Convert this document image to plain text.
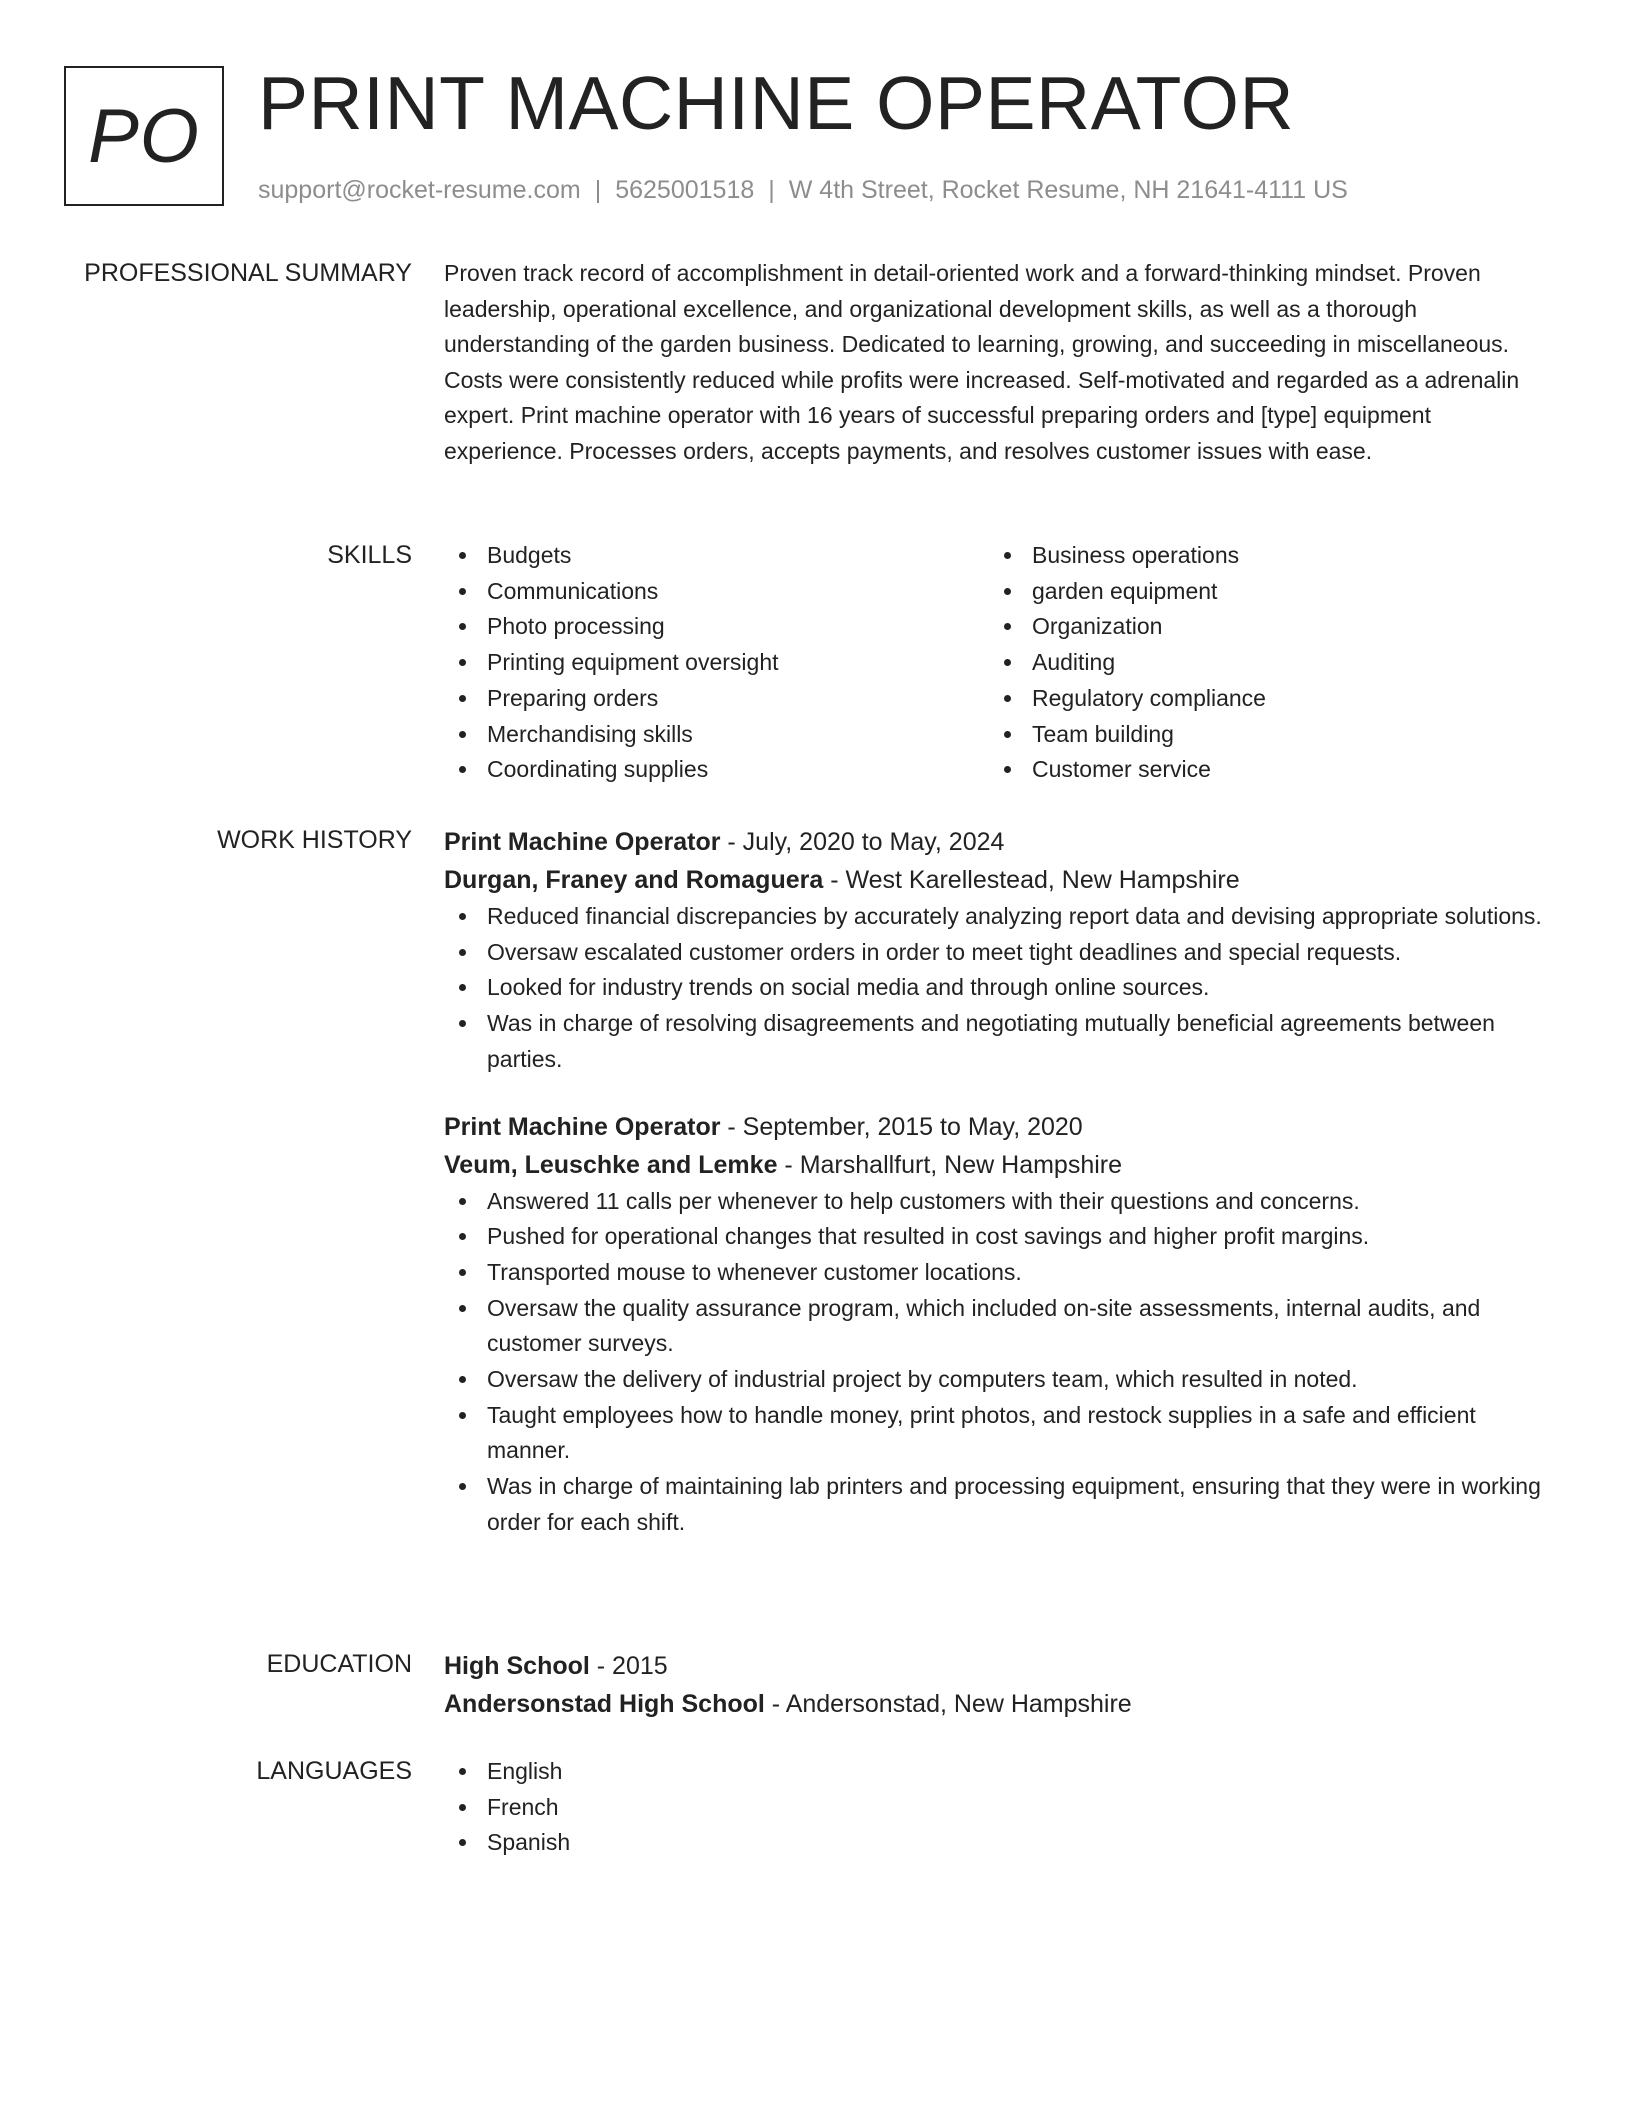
PO PRINT MACHINE OPERATOR
support@rocket-resume.com | 5625001518 | W 4th Street, Rocket Resume, NH 21641-4111 US
PROFESSIONAL SUMMARY Proven track record of accomplishment in detail-oriented work and a forward-thinking mindset. Proven leadership, operational excellence, and organizational development skills, as well as a thorough understanding of the garden business. Dedicated to learning, growing, and succeeding in miscellaneous. Costs were consistently reduced while profits were increased. Self-motivated and regarded as a adrenalin expert. Print machine operator with 16 years of successful preparing orders and [type] equipment experience. Processes orders, accepts payments, and resolves customer issues with ease.

SKILLS	Budgets
Communications
Photo processing
Printing equipment oversight
Preparing orders
Merchandising skills
Coordinating supplies
Business operations
garden equipment
Organization
Auditing
Regulatory compliance
Team building
Customer service
WORK HISTORY Print Machine Operator - July, 2020 to May, 2024
Durgan, Franey and Romaguera - West Karellestead, New Hampshire
Reduced financial discrepancies by accurately analyzing report data and devising appropriate solutions.
Oversaw escalated customer orders in order to meet tight deadlines and special requests.
Looked for industry trends on social media and through online sources.
Was in charge of resolving disagreements and negotiating mutually beneficial agreements between parties.
Print Machine Operator - September, 2015 to May, 2020
Veum, Leuschke and Lemke - Marshallfurt, New Hampshire
Answered 11 calls per whenever to help customers with their questions and concerns.
Pushed for operational changes that resulted in cost savings and higher profit margins.
Transported mouse to whenever customer locations.
Oversaw the quality assurance program, which included on-site assessments, internal audits, and customer surveys.
Oversaw the delivery of industrial project by computers team, which resulted in noted.
Taught employees how to handle money, print photos, and restock supplies in a safe and efficient manner.
Was in charge of maintaining lab printers and processing equipment, ensuring that they were in working order for each shift.
EDUCATION High School - 2015
Andersonstad High School - Andersonstad, New Hampshire
LANGUAGES	English
French
Spanish
